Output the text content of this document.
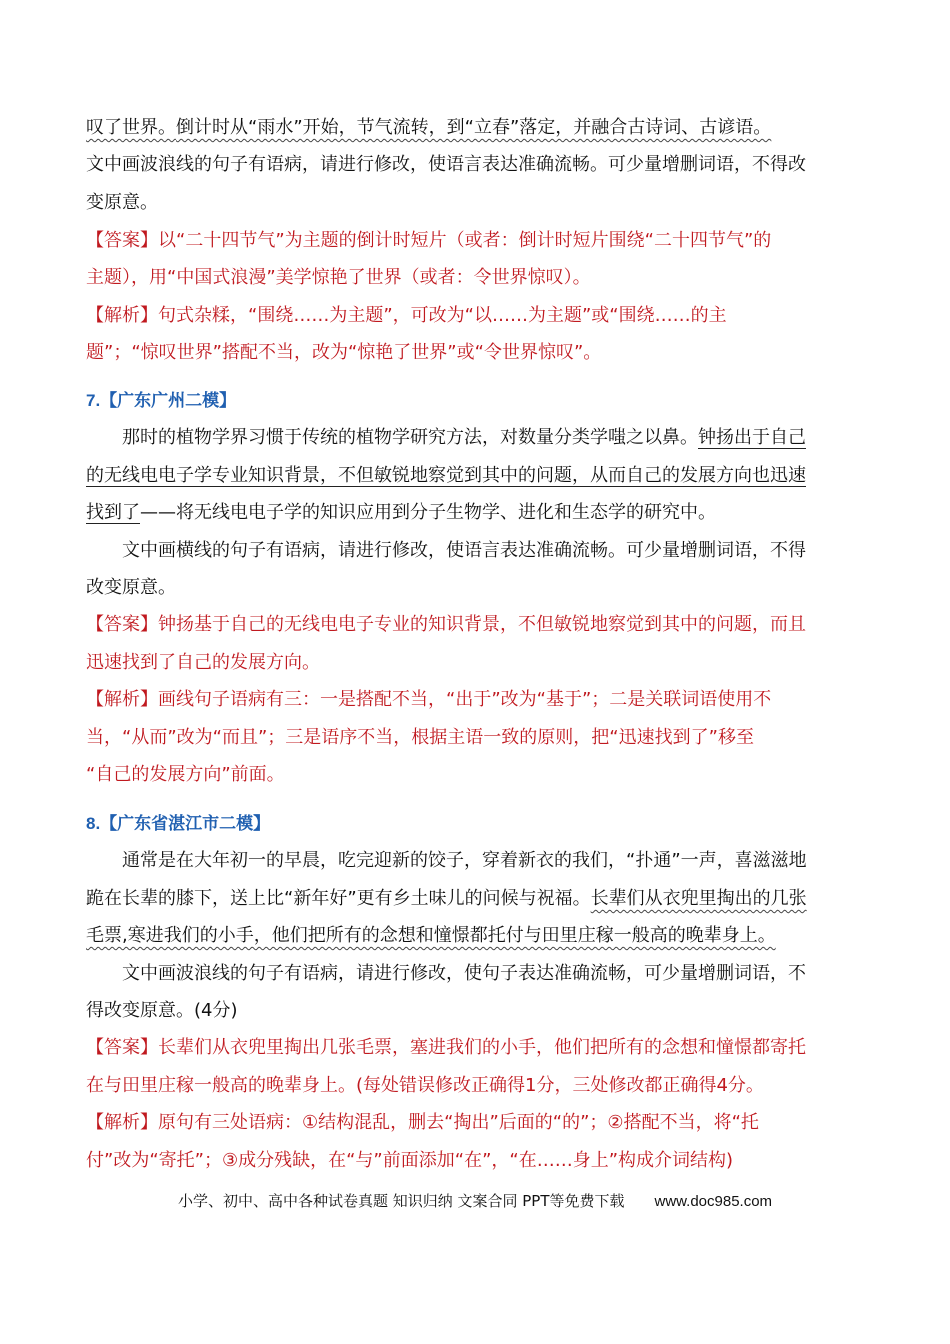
叹了世界。倒计时从“雨水”开始，节气流转，到“立春”落定，并融合古诗词、古谚语。
文中画波浪线的句子有语病，请进行修改，使语言表达准确流畅。可少量增删词语，不得改
变原意。
【答案】以“二十四节气”为主题的倒计时短片（或者：倒计时短片围绕“二十四节气”的
主题），用“中国式浪漫”美学惊艳了世界（或者：令世界惊叹）。
【解析】句式杂糅，“围绕……为主题”，可改为“以……为主题”或“围绕……的主
题”；“惊叹世界”搭配不当，改为“惊艳了世界”或“令世界惊叹”。
7.【广东广州二模】
那时的植物学界习惯于传统的植物学研究方法，对数量分类学嗤之以鼻。钟扬出于自己
的无线电电子学专业知识背景，不但敏锐地察觉到其中的问题，从而自己的发展方向也迅速
找到了——将无线电电子学的知识应用到分子生物学、进化和生态学的研究中。
文中画横线的句子有语病，请进行修改，使语言表达准确流畅。可少量增删词语，不得
改变原意。
【答案】钟扬基于自己的无线电电子专业的知识背景，不但敏锐地察觉到其中的问题，而且
迅速找到了自己的发展方向。
【解析】画线句子语病有三：一是搭配不当，“出于”改为“基于”；二是关联词语使用不
当，“从而”改为“而且”；三是语序不当，根据主语一致的原则，把“迅速找到了”移至
“自己的发展方向”前面。
8.【广东省湛江市二模】
通常是在大年初一的早晨，吃完迎新的饺子，穿着新衣的我们，“扑通”一声，喜滋滋地
跪在长辈的膝下，送上比“新年好”更有乡土味儿的问候与祝福。长辈们从衣兜里掏出的几张
毛票,寒进我们的小手，他们把所有的念想和憧憬都托付与田里庄稼一般高的晚辈身上。
文中画波浪线的句子有语病，请进行修改，使句子表达准确流畅，可少量增删词语，不
得改变原意。(4分)
【答案】长辈们从衣兜里掏出几张毛票，塞进我们的小手，他们把所有的念想和憧憬都寄托
在与田里庄稼一般高的晚辈身上。(每处错误修改正确得1分，三处修改都正确得4分。
【解析】原句有三处语病：①结构混乱，删去“掏出”后面的“的”；②搭配不当，将“托
付”改为“寄托”；③成分残缺，在“与”前面添加“在”，“在……身上”构成介词结构)
小学、初中、高中各种试卷真题 知识归纳 文案合同 PPT等免费下载 www.doc985.com
